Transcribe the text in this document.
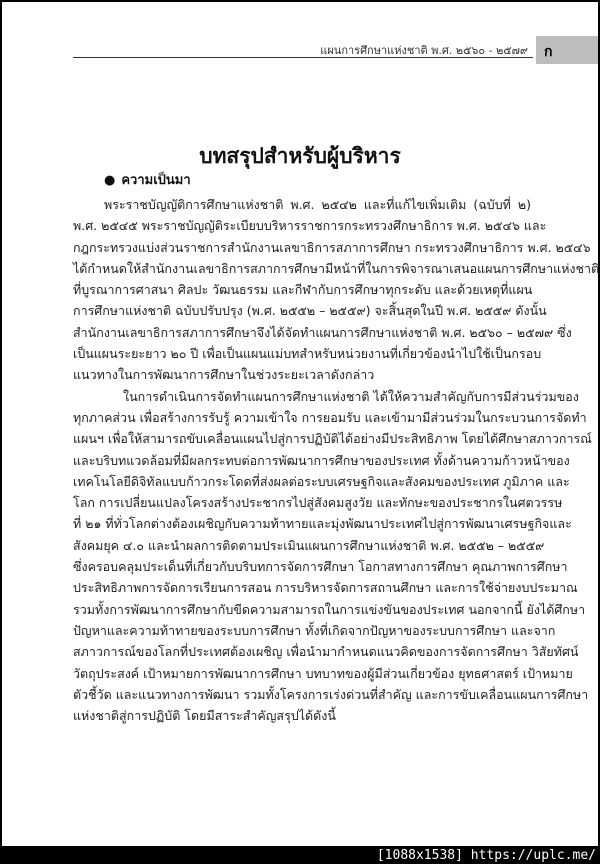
แผนการศึกษาแห่งชาติ พ.ศ. ๒๕๖๐ - ๒๕๗๙ ก
บทสรุปสำหรับผู้บริหาร
● ความเป็นมา
พระราชบัญญัติการศึกษาแห่งชาติ พ.ศ. ๒๕๔๒ และที่แก้ไขเพิ่มเติม (ฉบับที่ ๒)
พ.ศ. ๒๕๔๕ พระราชบัญญัติระเบียบบริหารราชการกระทรวงศึกษาธิการ พ.ศ. ๒๕๔๖ และ
กฎกระทรวงแบ่งส่วนราชการสำนักงานเลขาธิการสภาการศึกษา กระทรวงศึกษาธิการ พ.ศ. ๒๕๔๖
ได้กำหนดให้สำนักงานเลขาธิการสภาการศึกษามีหน้าที่ในการพิจารณาเสนอแผนการศึกษาแห่งชาติ
ที่บูรณาการศาสนา ศิลปะ วัฒนธรรม และกีฬากับการศึกษาทุกระดับ และด้วยเหตุที่แผน
การศึกษาแห่งชาติ ฉบับปรับปรุง (พ.ศ. ๒๕๕๒ – ๒๕๕๙) จะสิ้นสุดในปี พ.ศ. ๒๕๕๙ ดังนั้น
สำนักงานเลขาธิการสภาการศึกษาจึงได้จัดทำแผนการศึกษาแห่งชาติ พ.ศ. ๒๕๖๐ – ๒๕๗๙ ซึ่ง
เป็นแผนระยะยาว ๒๐ ปี เพื่อเป็นแผนแม่บทสำหรับหน่วยงานที่เกี่ยวข้องนำไปใช้เป็นกรอบ
แนวทางในการพัฒนาการศึกษาในช่วงระยะเวลาดังกล่าว
ในการดำเนินการจัดทำแผนการศึกษาแห่งชาติ ได้ให้ความสำคัญกับการมีส่วนร่วมของ
ทุกภาคส่วน เพื่อสร้างการรับรู้ ความเข้าใจ การยอมรับ และเข้ามามีส่วนร่วมในกระบวนการจัดทำ
แผนฯ เพื่อให้สามารถขับเคลื่อนแผนไปสู่การปฏิบัติได้อย่างมีประสิทธิภาพ โดยได้ศึกษาสภาวการณ์
และบริบทแวดล้อมที่มีผลกระทบต่อการพัฒนาการศึกษาของประเทศ ทั้งด้านความก้าวหน้าของ
เทคโนโลยีดิจิทัลแบบก้าวกระโดดที่ส่งผลต่อระบบเศรษฐกิจและสังคมของประเทศ ภูมิภาค และ
โลก การเปลี่ยนแปลงโครงสร้างประชากรไปสู่สังคมสูงวัย และทักษะของประชากรในศตวรรษ
ที่ ๒๑ ที่ทั่วโลกต่างต้องเผชิญกับความท้าทายและมุ่งพัฒนาประเทศไปสู่การพัฒนาเศรษฐกิจและ
สังคมยุค ๔.๐ และนำผลการติดตามประเมินแผนการศึกษาแห่งชาติ พ.ศ. ๒๕๕๒ – ๒๕๕๙
ซึ่งครอบคลุมประเด็นที่เกี่ยวกับบริบทการจัดการศึกษา โอกาสทางการศึกษา คุณภาพการศึกษา
ประสิทธิภาพการจัดการเรียนการสอน การบริหารจัดการสถานศึกษา และการใช้จ่ายงบประมาณ
รวมทั้งการพัฒนาการศึกษากับขีดความสามารถในการแข่งขันของประเทศ นอกจากนี้ ยังได้ศึกษา
ปัญหาและความท้าทายของระบบการศึกษา ทั้งที่เกิดจากปัญหาของระบบการศึกษา และจาก
สภาวการณ์ของโลกที่ประเทศต้องเผชิญ เพื่อนำมากำหนดแนวคิดของการจัดการศึกษา วิสัยทัศน์
วัตถุประสงค์ เป้าหมายการพัฒนาการศึกษา บทบาทของผู้มีส่วนเกี่ยวข้อง ยุทธศาสตร์ เป้าหมาย
ตัวชี้วัด และแนวทางการพัฒนา รวมทั้งโครงการเร่งด่วนที่สำคัญ และการขับเคลื่อนแผนการศึกษา
แห่งชาติสู่การปฏิบัติ โดยมีสาระสำคัญสรุปได้ดังนี้
[1088x1538] https://uplc.me/
